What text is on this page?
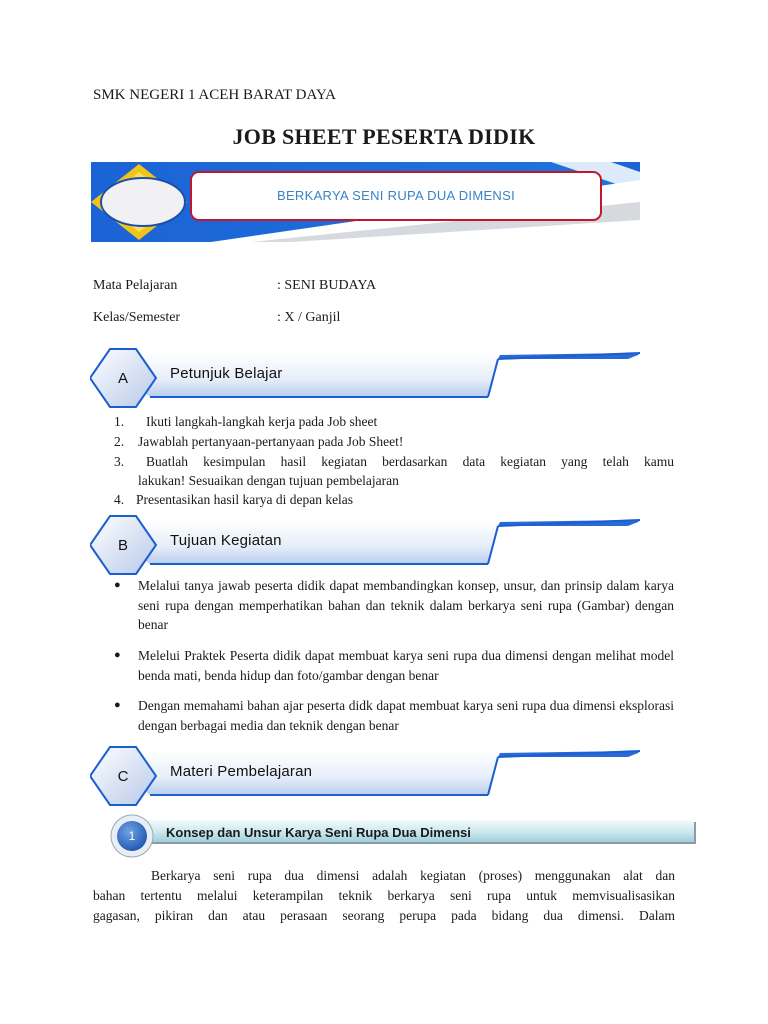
SMK NEGERI 1 ACEH BARAT DAYA
JOB SHEET PESERTA DIDIK
BERKARYA SENI RUPA DUA DIMENSI
Mata Pelajaran	: SENI BUDAYA
Kelas/Semester	: X / Ganjil
A	Petunjuk Belajar
1. Ikuti langkah-langkah kerja pada Job sheet
2. Jawablah pertanyaan-pertanyaan pada Job Sheet!
3. Buatlah kesimpulan hasil kegiatan berdasarkan data kegiatan yang telah kamu
lakukan! Sesuaikan dengan tujuan pembelajaran
4. Presentasikan hasil karya di depan kelas
B	Tujuan Kegiatan
● Melalui tanya jawab peserta didik dapat membandingkan konsep, unsur, dan prinsip dalam karya seni rupa dengan memperhatikan bahan dan teknik dalam berkarya seni rupa (Gambar) dengan benar
● Melelui Praktek Peserta didik dapat membuat karya seni rupa dua dimensi dengan melihat model benda mati, benda hidup dan foto/gambar dengan benar
● Dengan memahami bahan ajar peserta didk dapat membuat karya seni rupa dua dimensi eksplorasi dengan berbagai media dan teknik dengan benar
C	Materi Pembelajaran
1	Konsep dan Unsur Karya Seni Rupa Dua Dimensi
Berkarya seni rupa dua dimensi adalah kegiatan (proses) menggunakan alat dan
bahan tertentu melalui keterampilan teknik berkarya seni rupa untuk memvisualisasikan
gagasan, pikiran dan atau perasaan seorang perupa pada bidang dua dimensi. Dalam
